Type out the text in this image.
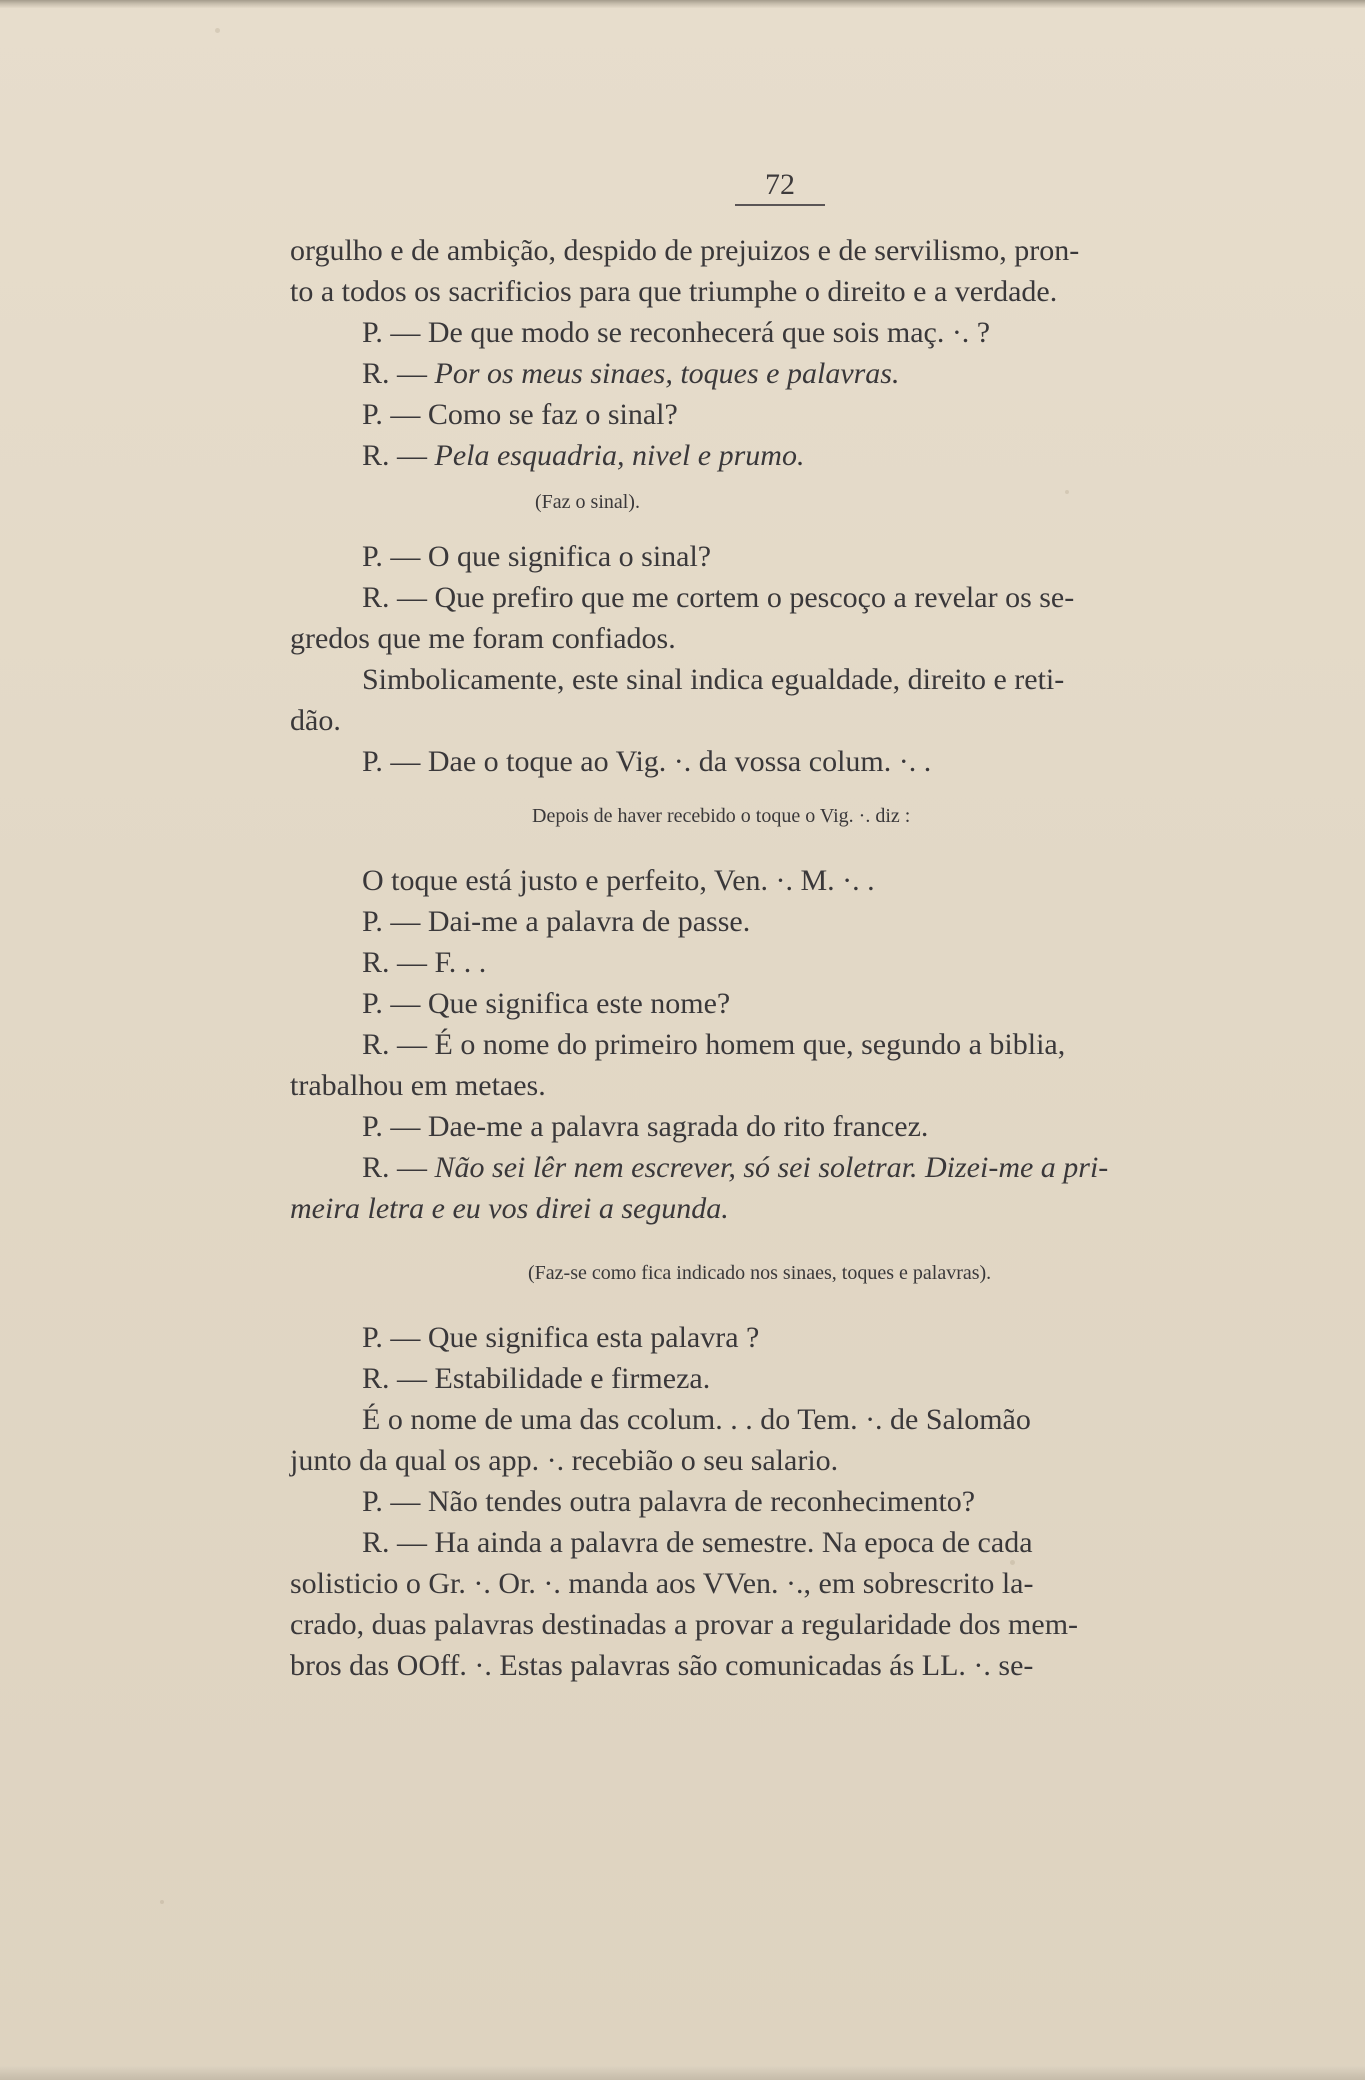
72
orgulho e de ambição, despido de prejuizos e de servilismo, pron-
to a todos os sacrificios para que triumphe o direito e a verdade.
P. — De que modo se reconhecerá que sois maç. ·. ?
R. — Por os meus sinaes, toques e palavras.
P. — Como se faz o sinal?
R. — Pela esquadria, nivel e prumo.
(Faz o sinal).
P. — O que significa o sinal?
R. — Que prefiro que me cortem o pescoço a revelar os se-
gredos que me foram confiados.
Simbolicamente, este sinal indica egualdade, direito e reti-
dão.
P. — Dae o toque ao Vig. ·. da vossa colum. ·. .
Depois de haver recebido o toque o Vig. ·. diz :
O toque está justo e perfeito, Ven. ·. M. ·. .
P. — Dai-me a palavra de passe.
R. — F. . .
P. — Que significa este nome?
R. — É o nome do primeiro homem que, segundo a biblia,
trabalhou em metaes.
P. — Dae-me a palavra sagrada do rito francez.
R. — Não sei lêr nem escrever, só sei soletrar. Dizei-me a pri-
meira letra e eu vos direi a segunda.
(Faz-se como fica indicado nos sinaes, toques e palavras).
P. — Que significa esta palavra ?
R. — Estabilidade e firmeza.
É o nome de uma das ccolum. . . do Tem. ·. de Salomão
junto da qual os app. ·. recebião o seu salario.
P. — Não tendes outra palavra de reconhecimento?
R. — Ha ainda a palavra de semestre. Na epoca de cada
solisticio o Gr. ·. Or. ·. manda aos VVen. ·., em sobrescrito la-
crado, duas palavras destinadas a provar a regularidade dos mem-
bros das OOff. ·. Estas palavras são comunicadas ás LL. ·. se-
